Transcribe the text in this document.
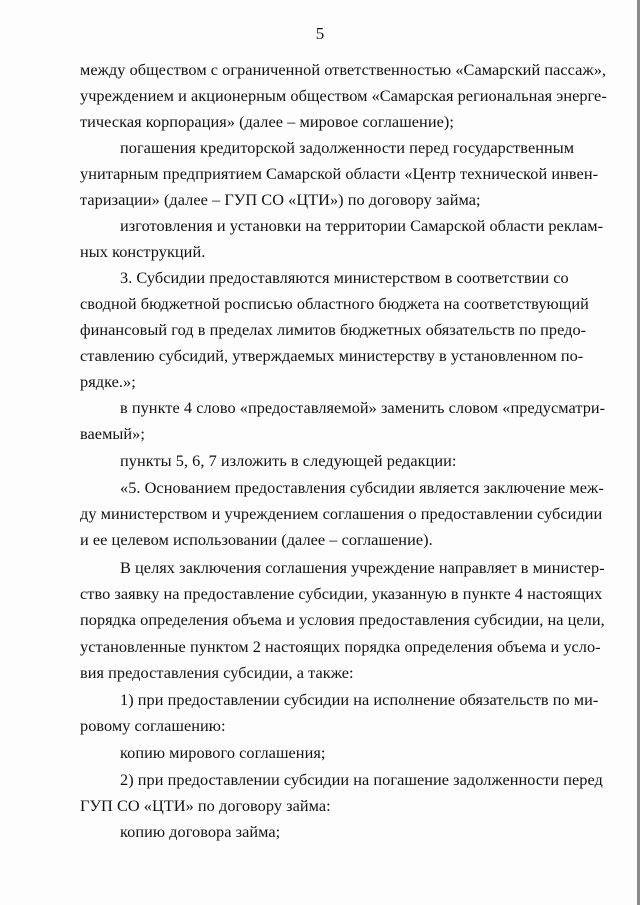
5
между обществом с ограниченной ответственностью «Самарский пассаж»,
учреждением и акционерным обществом «Самарская региональная энерге-
тическая корпорация» (далее – мировое соглашение);
погашения кредиторской задолженности перед государственным
унитарным предприятием Самарской области «Центр технической инвен-
таризации» (далее – ГУП СО «ЦТИ») по договору займа;
изготовления и установки на территории Самарской области реклам-
ных конструкций.
3. Субсидии предоставляются министерством в соответствии со
сводной бюджетной росписью областного бюджета на соответствующий
финансовый год в пределах лимитов бюджетных обязательств по предо-
ставлению субсидий, утверждаемых министерству в установленном по-
рядке.»;
в пункте 4 слово «предоставляемой» заменить словом «предусматри-
ваемый»;
пункты 5, 6, 7 изложить в следующей редакции:
«5. Основанием предоставления субсидии является заключение меж-
ду министерством и учреждением соглашения о предоставлении субсидии
и ее целевом использовании (далее – соглашение).
В целях заключения соглашения учреждение направляет в министер-
ство заявку на предоставление субсидии, указанную в пункте 4 настоящих
порядка определения объема и условия предоставления субсидии, на цели,
установленные пунктом 2 настоящих порядка определения объема и усло-
вия предоставления субсидии, а также:
1) при предоставлении субсидии на исполнение обязательств по ми-
ровому соглашению:
копию мирового соглашения;
2) при предоставлении субсидии на погашение задолженности перед
ГУП СО «ЦТИ» по договору займа:
копию договора займа;
